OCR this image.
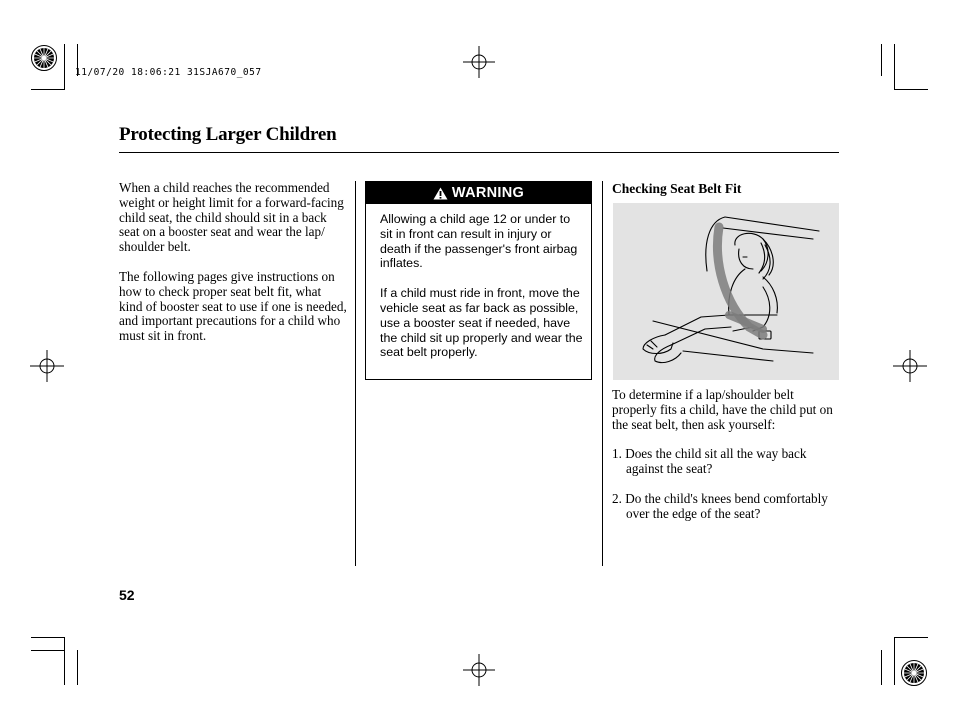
11/07/20 18:06:21 31SJA670_057
Protecting Larger Children

When a child reaches the recommended weight or height limit for a forward-facing child seat, the child should sit in a back seat on a booster seat and wear the lap/ shoulder belt.

The following pages give instructions on how to check proper seat belt fit, what kind of booster seat to use if one is needed, and important precautions for a child who must sit in front.

WARNING

Allowing a child age 12 or under to sit in front can result in injury or death if the passenger's front airbag inflates.

If a child must ride in front, move the vehicle seat as far back as possible, use a booster seat if needed, have the child sit up properly and wear the seat belt properly.

Checking Seat Belt Fit

To determine if a lap/shoulder belt properly fits a child, have the child put on the seat belt, then ask yourself:

1. Does the child sit all the way back against the seat?

2. Do the child's knees bend comfortably over the edge of the seat?

52
